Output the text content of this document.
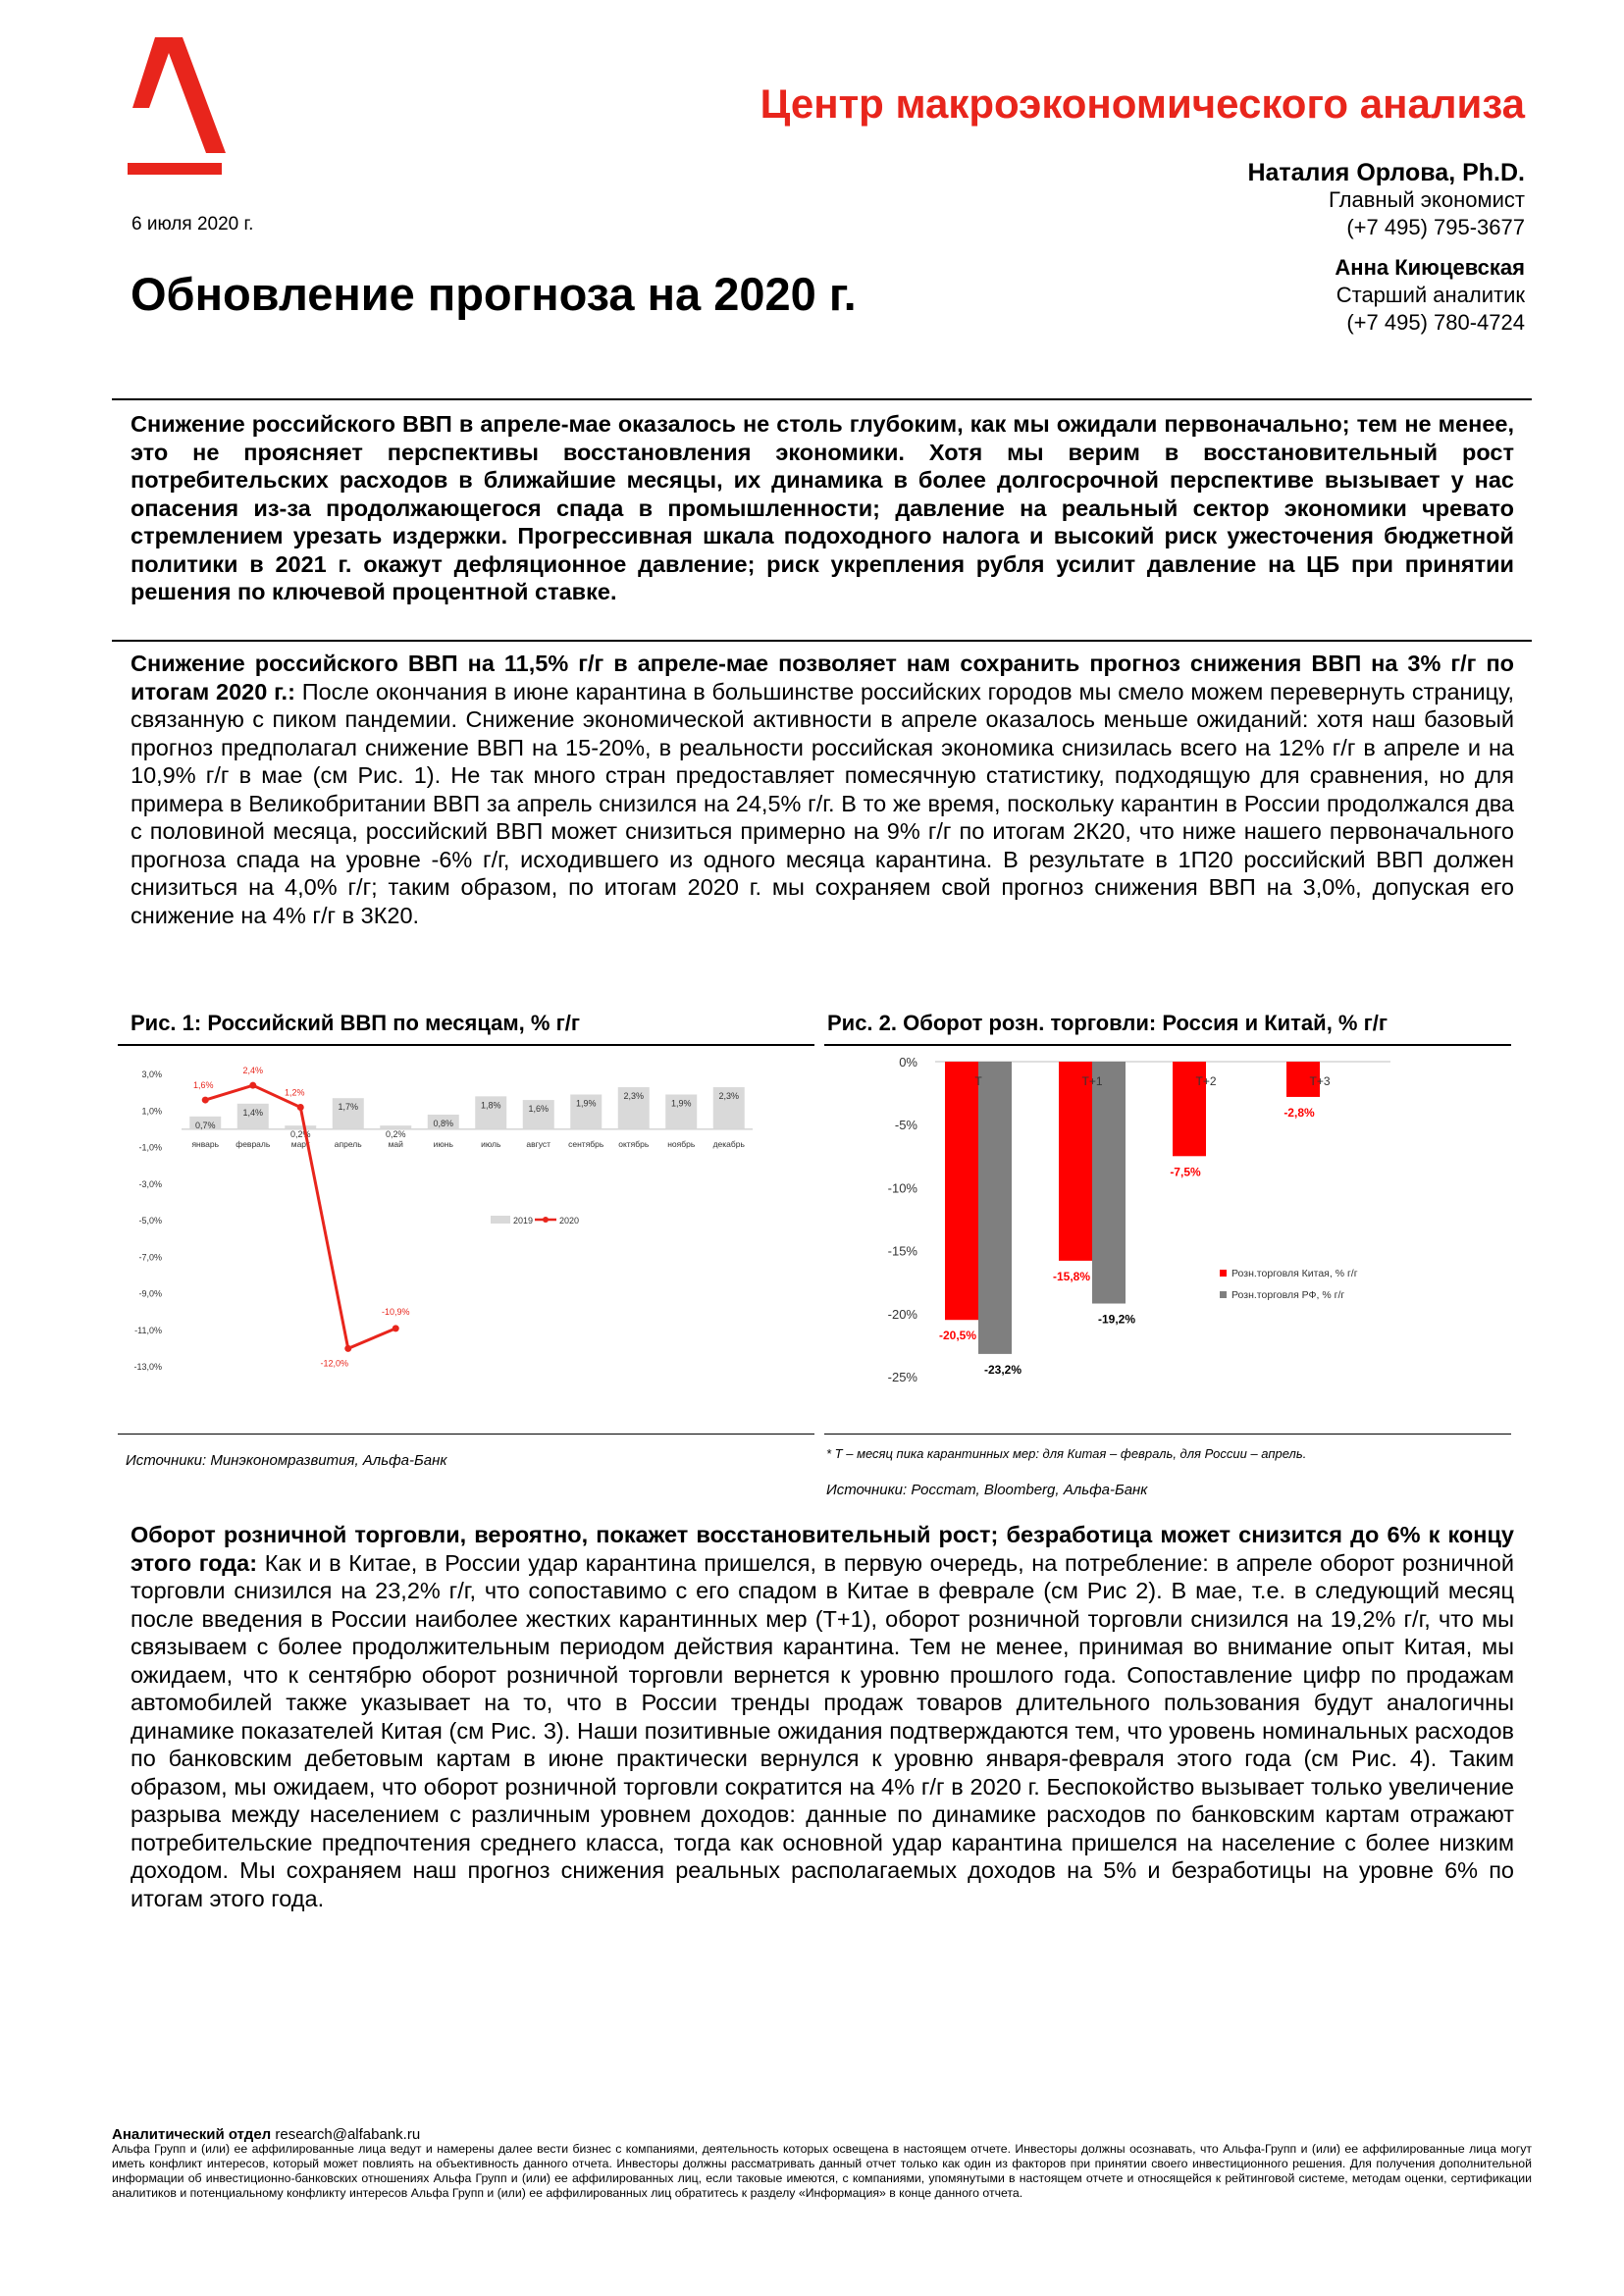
Центр макроэкономического анализа
Наталия Орлова, Ph.D.
Главный экономист
(+7 495) 795-3677
Анна Киюцевская
Старший аналитик
(+7 495) 780-4724
6 июля 2020 г.
Обновление прогноза на 2020 г.
Снижение российского ВВП в апреле-мае оказалось не столь глубоким, как мы ожидали первоначально; тем не менее, это не проясняет перспективы восстановления экономики. Хотя мы верим в восстановительный рост потребительских расходов в ближайшие месяцы, их динамика в более долгосрочной перспективе вызывает у нас опасения из-за продолжающегося спада в промышленности; давление на реальный сектор экономики чревато стремлением урезать издержки. Прогрессивная шкала подоходного налога и высокий риск ужесточения бюджетной политики в 2021 г. окажут дефляционное давление; риск укрепления рубля усилит давление на ЦБ при принятии решения по ключевой процентной ставке.
Снижение российского ВВП на 11,5% г/г в апреле-мае позволяет нам сохранить прогноз снижения ВВП на 3% г/г по итогам 2020 г.: После окончания в июне карантина в большинстве российских городов мы смело можем перевернуть страницу, связанную с пиком пандемии. Снижение экономической активности в апреле оказалось меньше ожиданий: хотя наш базовый прогноз предполагал снижение ВВП на 15-20%, в реальности российская экономика снизилась всего на 12% г/г в апреле и на 10,9% г/г в мае (см Рис. 1). Не так много стран предоставляет помесячную статистику, подходящую для сравнения, но для примера в Великобритании ВВП за апрель снизился на 24,5% г/г. В то же время, поскольку карантин в России продолжался два с половиной месяца, российский ВВП может снизиться примерно на 9% г/г по итогам 2К20, что ниже нашего первоначального прогноза спада на уровне -6% г/г, исходившего из одного месяца карантина. В результате в 1П20 российский ВВП должен снизиться на 4,0% г/г; таким образом, по итогам 2020 г. мы сохраняем свой прогноз снижения ВВП на 3,0%, допуская его снижение на 4% г/г в 3К20.
Рис. 1: Российский ВВП по месяцам, % г/г	Рис. 2. Оборот розн. торговли: Россия и Китай, % г/г
3,0%
1,0%
-1,0%
-3,0%
-5,0%
-7,0%
-9,0%
-11,0%
-13,0%
0,7%
1,4%
0,2%
1,7%
0,2%
0,8%
1,8%	1,6%
1,9%
2,3%
1,9%
2,3%
январь февраль	март	апрель	май	июнь	июль	август сентябрь октябрь ноябрь декабрь
1,6%
2,4%
1,2%
-12,0%
-10,9%
2019	2020
0%
-5%
-10%
-15%
-20%
-25%
-20,5%
-23,2%
T
-15,8%
-19,2%
T+1
-7,5%
T+2
-2,8%
T+3
Розн.торговля Китая, % г/г
Розн.торговля РФ, % г/г
Источники: Минэкономразвития, Альфа-Банк	* T – месяц пика карантинных мер: для Китая – февраль, для России – апрель.
Источники: Росстат, Bloomberg, Альфа-Банк
Оборот розничной торговли, вероятно, покажет восстановительный рост; безработица может снизится до 6% к концу этого года: Как и в Китае, в России удар карантина пришелся, в первую очередь, на потребление: в апреле оборот розничной торговли снизился на 23,2% г/г, что сопоставимо с его спадом в Китае в феврале (см Рис 2). В мае, т.е. в следующий месяц после введения в России наиболее жестких карантинных мер (Т+1), оборот розничной торговли снизился на 19,2% г/г, что мы связываем с более продолжительным периодом действия карантина. Тем не менее, принимая во внимание опыт Китая, мы ожидаем, что к сентябрю оборот розничной торговли вернется к уровню прошлого года. Сопоставление цифр по продажам автомобилей также указывает на то, что в России тренды продаж товаров длительного пользования будут аналогичны динамике показателей Китая (см Рис. 3). Наши позитивные ожидания подтверждаются тем, что уровень номинальных расходов по банковским дебетовым картам в июне практически вернулся к уровню января-февраля этого года (см Рис. 4). Таким образом, мы ожидаем, что оборот розничной торговли сократится на 4% г/г в 2020 г. Беспокойство вызывает только увеличение разрыва между населением с различным уровнем доходов: данные по динамике расходов по банковским картам отражают потребительские предпочтения среднего класса, тогда как основной удар карантина пришелся на население с более низким доходом. Мы сохраняем наш прогноз снижения реальных располагаемых доходов на 5% и безработицы на уровне 6% по итогам этого года.
Аналитический отдел research@alfabank.ru
Альфа Групп и (или) ее аффилированные лица ведут и намерены далее вести бизнес с компаниями, деятельность которых освещена в настоящем отчете. Инвесторы должны осознавать, что Альфа-Групп и (или) ее аффилированные лица могут иметь конфликт интересов, который может повлиять на объективность данного отчета. Инвесторы должны рассматривать данный отчет только как один из факторов при принятии своего инвестиционного решения. Для получения дополнительной информации об инвестиционно-банковских отношениях Альфа Групп и (или) ее аффилированных лиц, если таковые имеются, с компаниями, упомянутыми в настоящем отчете и относящейся к рейтинговой системе, методам оценки, сертификации аналитиков и потенциальному конфликту интересов Альфа Групп и (или) ее аффилированных лиц обратитесь к разделу «Информация» в конце данного отчета.
